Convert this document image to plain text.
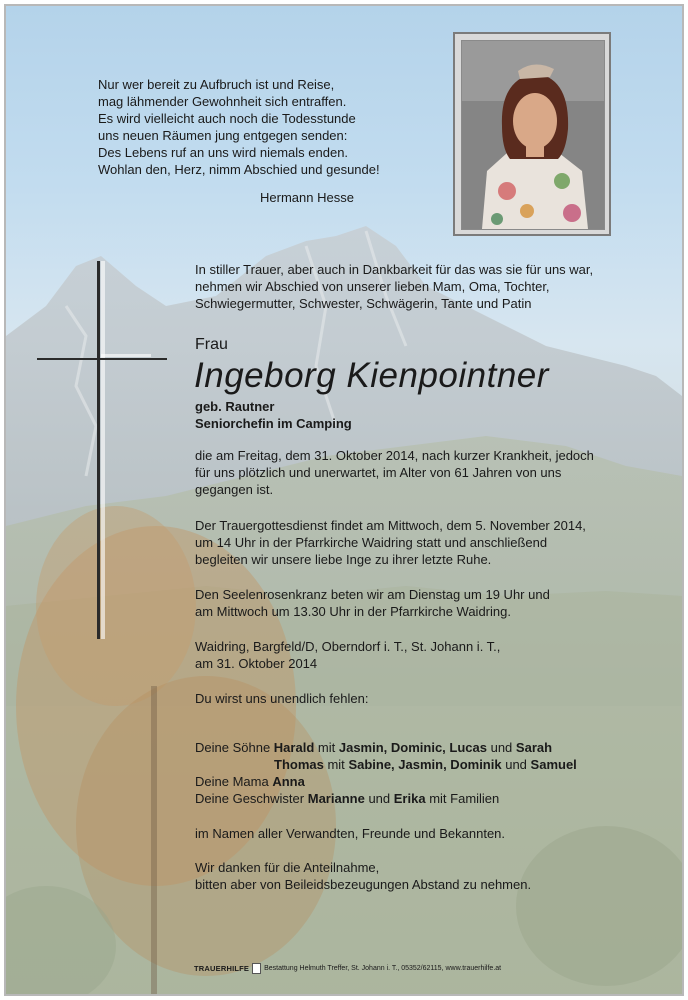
Nur wer bereit zu Aufbruch ist und Reise,
mag lähmender Gewohnheit sich entraffen.
Es wird vielleicht auch noch die Todesstunde
uns neuen Räumen jung entgegen senden:
Des Lebens ruf an uns wird niemals enden.
Wohlan den, Herz, nimm Abschied und gesunde!
Hermann Hesse
In stiller Trauer, aber auch in Dankbarkeit für das was sie für uns war,
nehmen wir Abschied von unserer lieben Mam, Oma, Tochter,
Schwiegermutter, Schwester, Schwägerin, Tante und Patin
Frau
Ingeborg Kienpointner
geb. Rautner
Seniorchefin im Camping
die am Freitag, dem 31. Oktober 2014, nach kurzer Krankheit, jedoch
für uns plötzlich und unerwartet, im Alter von 61 Jahren von uns
gegangen ist.
Der Trauergottesdienst findet am Mittwoch, dem 5. November 2014,
um 14 Uhr in der Pfarrkirche Waidring statt und anschließend
begleiten wir unsere liebe Inge zu ihrer letzte Ruhe.
Den Seelenrosenkranz beten wir am Dienstag um 19 Uhr und
am Mittwoch um 13.30 Uhr in der Pfarrkirche Waidring.
Waidring, Bargfeld/D, Oberndorf i. T., St. Johann i. T.,
am 31. Oktober 2014
Du wirst uns unendlich fehlen:
Deine Söhne Harald mit Jasmin, Dominic, Lucas und Sarah
Thomas mit Sabine, Jasmin, Dominik und Samuel
Deine Mama Anna
Deine Geschwister Marianne und Erika mit Familien
im Namen aller Verwandten, Freunde und Bekannten.
Wir danken für die Anteilnahme,
bitten aber von Beileidsbezeugungen Abstand zu nehmen.
TRAUERHILFE Bestattung Helmuth Treffer, St. Johann i. T., 05352/62115, www.trauerhilfe.at
